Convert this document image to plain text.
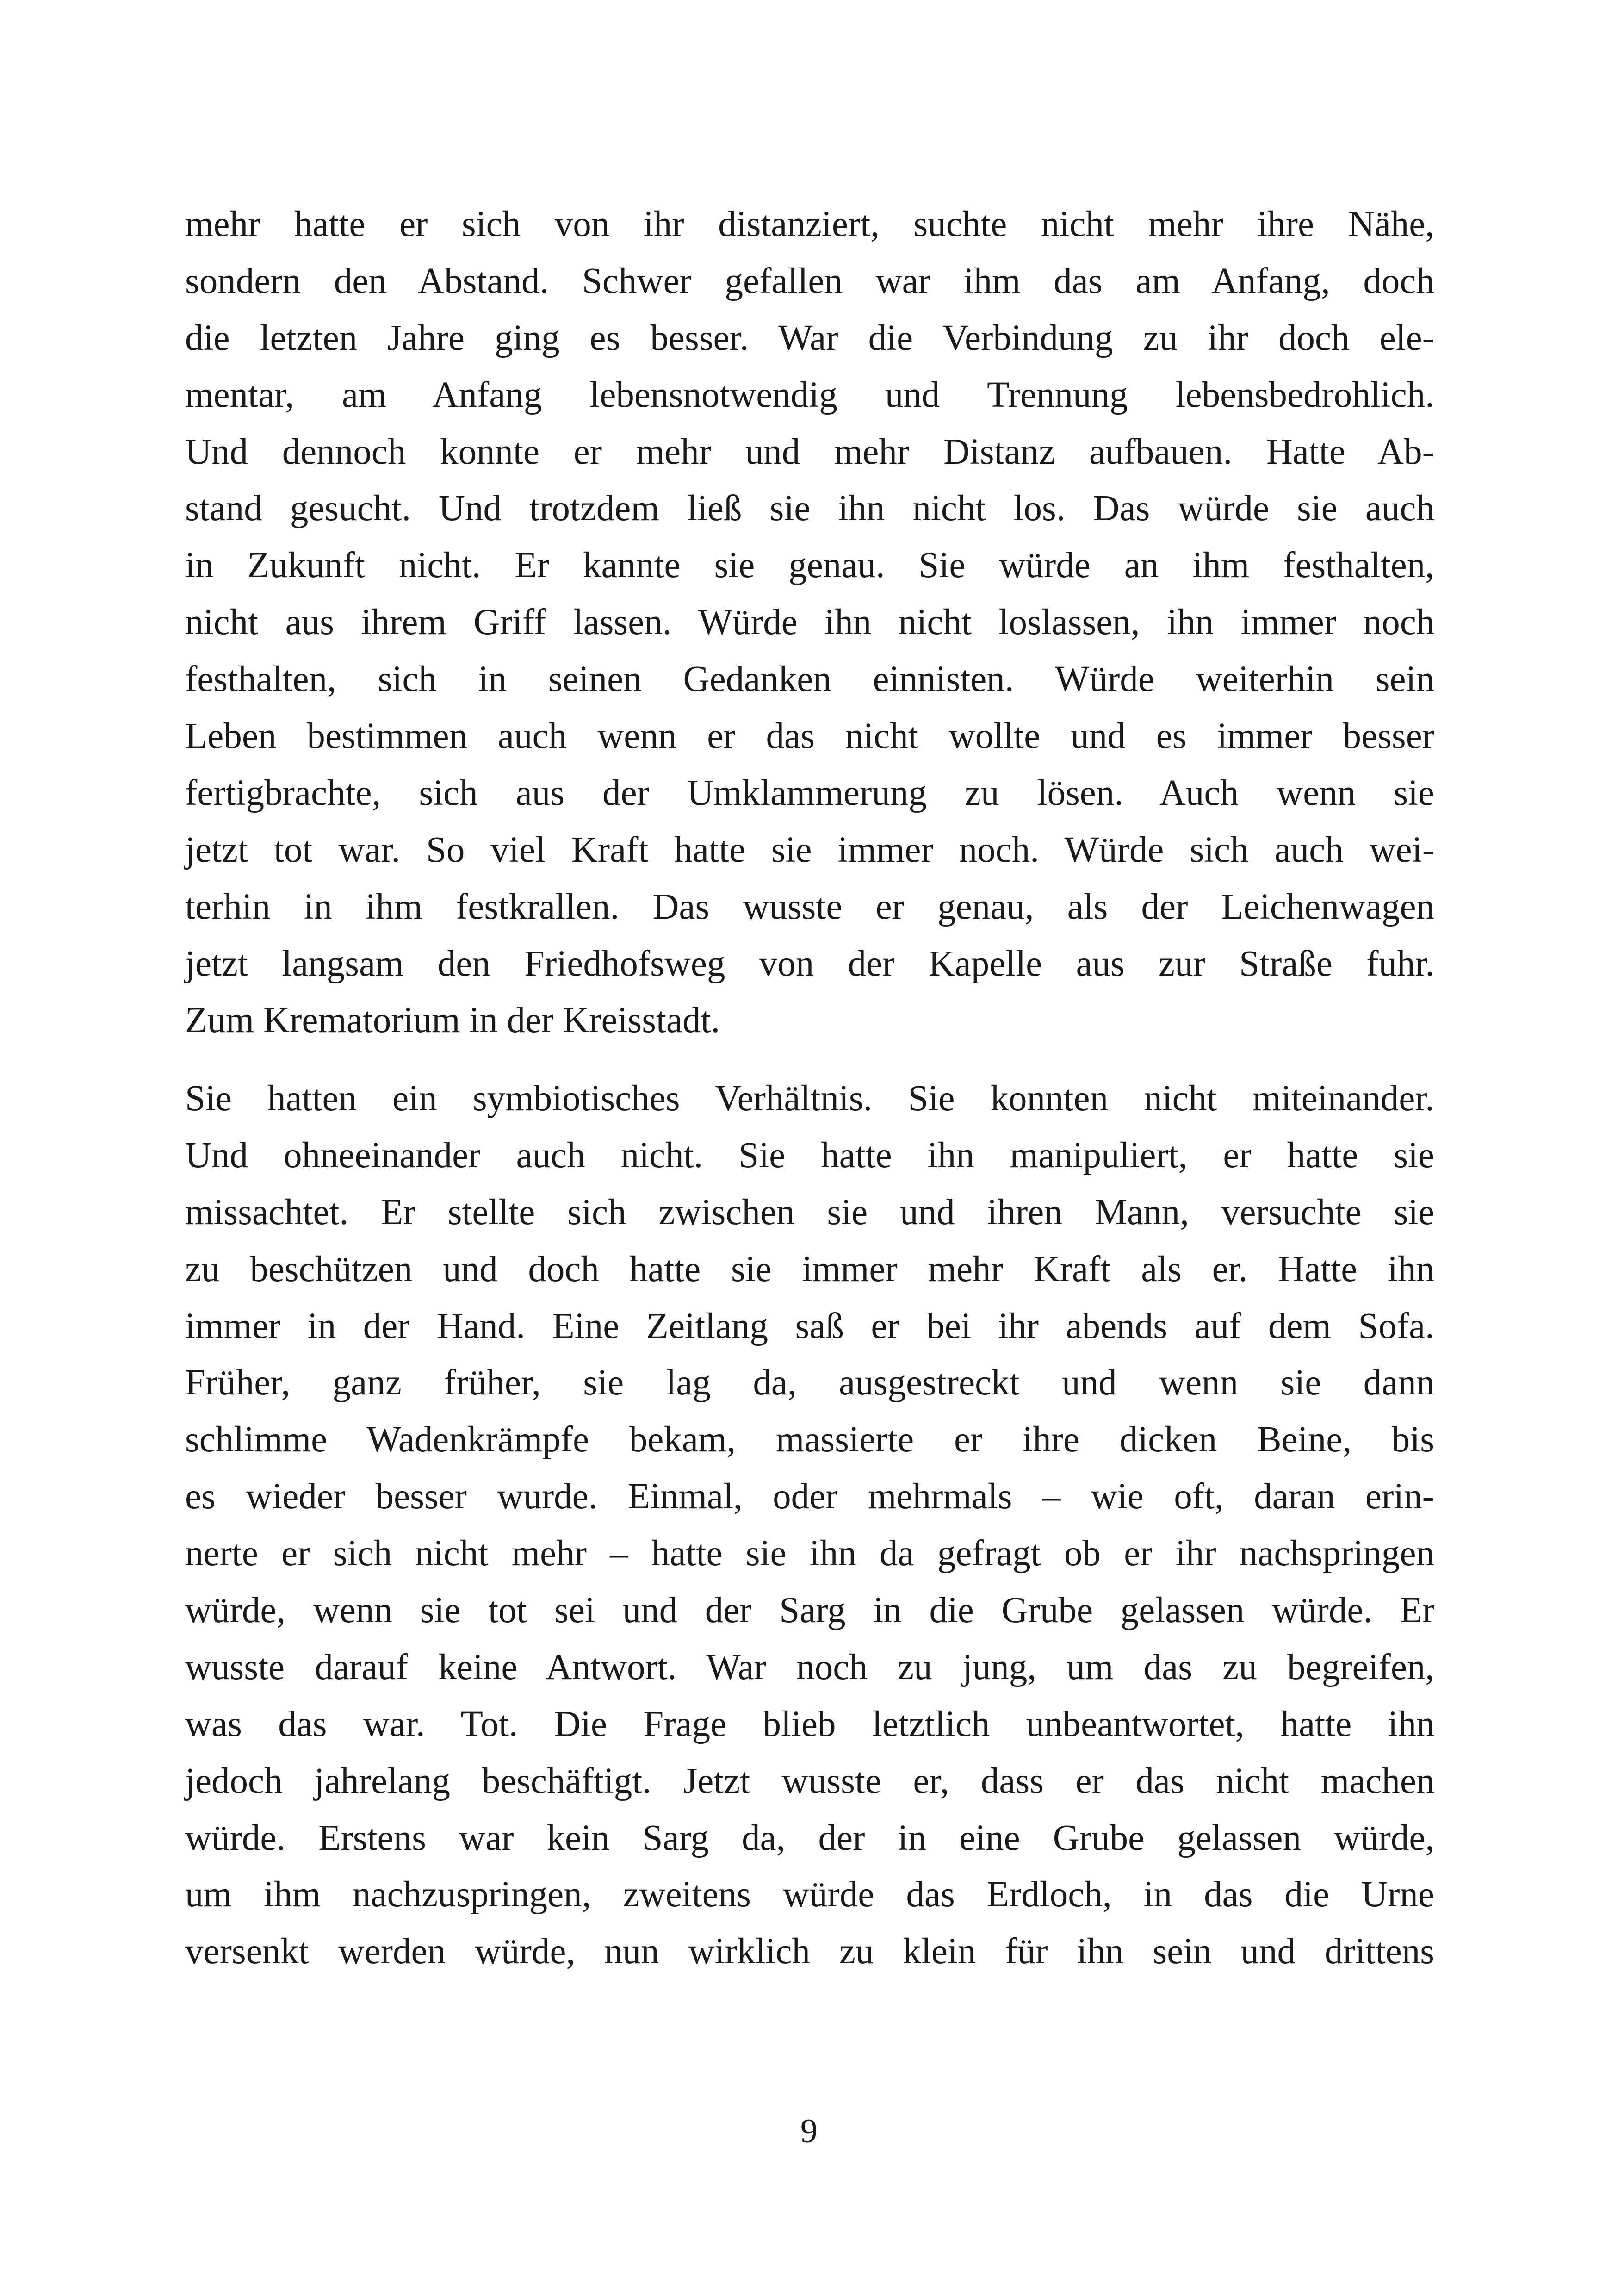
mehr hatte er sich von ihr distanziert, suchte nicht mehr ihre Nähe,
sondern den Abstand. Schwer gefallen war ihm das am Anfang, doch
die letzten Jahre ging es besser. War die Verbindung zu ihr doch ele-
mentar, am Anfang lebensnotwendig und Trennung lebensbedrohlich.
Und dennoch konnte er mehr und mehr Distanz aufbauen. Hatte Ab-
stand gesucht. Und trotzdem ließ sie ihn nicht los. Das würde sie auch
in Zukunft nicht. Er kannte sie genau. Sie würde an ihm festhalten,
nicht aus ihrem Griff lassen. Würde ihn nicht loslassen, ihn immer noch
festhalten, sich in seinen Gedanken einnisten. Würde weiterhin sein
Leben bestimmen auch wenn er das nicht wollte und es immer besser
fertigbrachte, sich aus der Umklammerung zu lösen. Auch wenn sie
jetzt tot war. So viel Kraft hatte sie immer noch. Würde sich auch wei-
terhin in ihm festkrallen. Das wusste er genau, als der Leichenwagen
jetzt langsam den Friedhofsweg von der Kapelle aus zur Straße fuhr.
Zum Krematorium in der Kreisstadt.
Sie hatten ein symbiotisches Verhältnis. Sie konnten nicht miteinander.
Und ohneeinander auch nicht. Sie hatte ihn manipuliert, er hatte sie
missachtet. Er stellte sich zwischen sie und ihren Mann, versuchte sie
zu beschützen und doch hatte sie immer mehr Kraft als er. Hatte ihn
immer in der Hand. Eine Zeitlang saß er bei ihr abends auf dem Sofa.
Früher, ganz früher, sie lag da, ausgestreckt und wenn sie dann
schlimme Wadenkrämpfe bekam, massierte er ihre dicken Beine, bis
es wieder besser wurde. Einmal, oder mehrmals – wie oft, daran erin-
nerte er sich nicht mehr – hatte sie ihn da gefragt ob er ihr nachspringen
würde, wenn sie tot sei und der Sarg in die Grube gelassen würde. Er
wusste darauf keine Antwort. War noch zu jung, um das zu begreifen,
was das war. Tot. Die Frage blieb letztlich unbeantwortet, hatte ihn
jedoch jahrelang beschäftigt. Jetzt wusste er, dass er das nicht machen
würde. Erstens war kein Sarg da, der in eine Grube gelassen würde,
um ihm nachzuspringen, zweitens würde das Erdloch, in das die Urne
versenkt werden würde, nun wirklich zu klein für ihn sein und drittens
9
